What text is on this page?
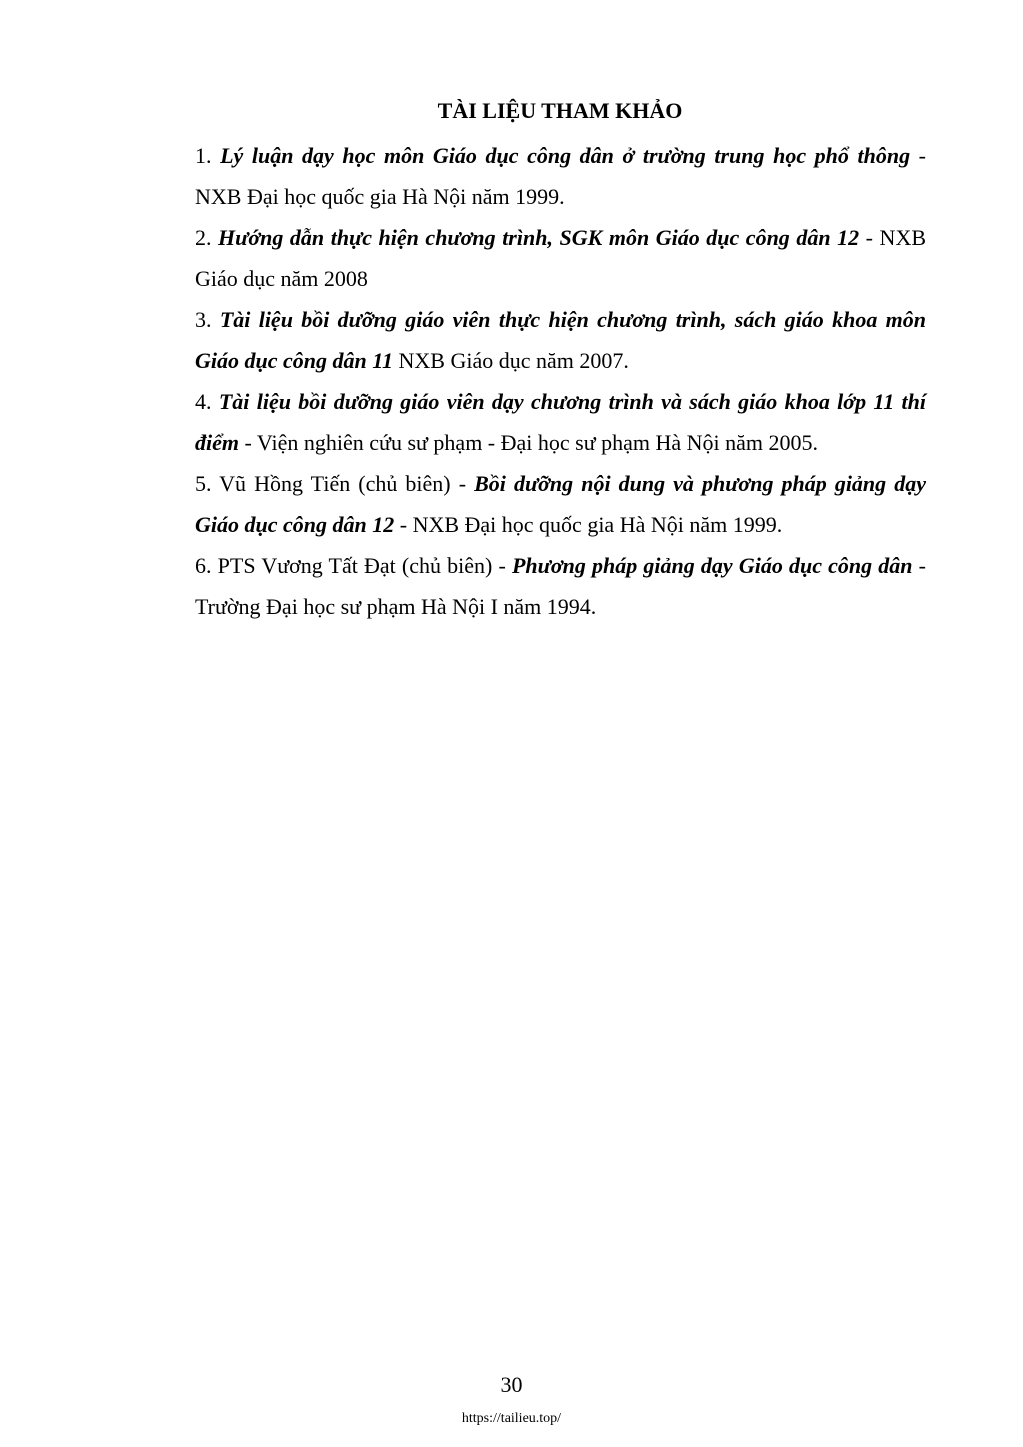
TÀI LIỆU THAM KHẢO

1. Lý luận dạy học môn Giáo dục công dân ở trường trung học phổ thông - NXB Đại học quốc gia Hà Nội năm 1999.

2. Hướng dẫn thực hiện chương trình, SGK môn Giáo dục công dân 12 - NXB Giáo dục năm 2008

3. Tài liệu bồi dưỡng giáo viên thực hiện chương trình, sách giáo khoa môn Giáo dục công dân 11 NXB Giáo dục năm 2007.

4. Tài liệu bồi dưỡng giáo viên dạy chương trình và sách giáo khoa lớp 11 thí điểm - Viện nghiên cứu sư phạm - Đại học sư phạm Hà Nội năm 2005.

5. Vũ Hồng Tiến (chủ biên) - Bồi dưỡng nội dung và phương pháp giảng dạy Giáo dục công dân 12 - NXB Đại học quốc gia Hà Nội năm 1999.

6. PTS Vương Tất Đạt (chủ biên) - Phương pháp giảng dạy Giáo dục công dân - Trường Đại học sư phạm Hà Nội I năm 1994.

30
https://tailieu.top/
